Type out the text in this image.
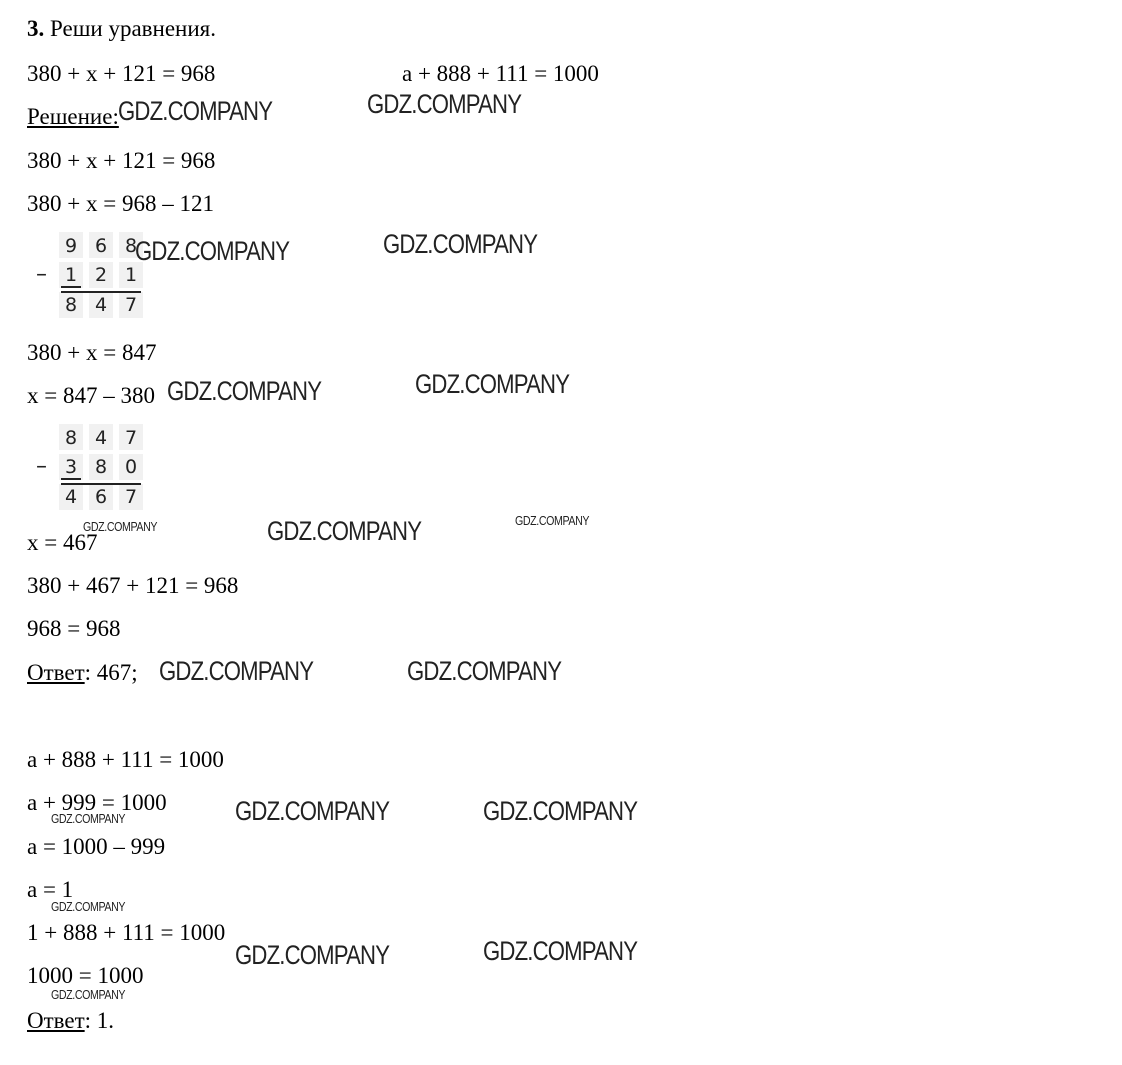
3. Реши уравнения.
380 + x + 121 = 968	a + 888 + 111 = 1000
Решение:
380 + x + 121 = 968
380 + x = 968 – 121
9 6 8
– 1 2 1
8 4 7
380 + x = 847
x = 847 – 380
8 4 7
– 3 8 0
4 6 7
x = 467
380 + 467 + 121 = 968
968 = 968
Ответ: 467;
a + 888 + 111 = 1000
a + 999 = 1000
a = 1000 – 999
a = 1
1 + 888 + 111 = 1000
1000 = 1000
Ответ: 1.
GDZ.COMPANY	GDZ.COMPANY
GDZ.COMPANY	GDZ.COMPANY
GDZ.COMPANY	GDZ.COMPANY
GDZ.COMPANY	GDZ.COMPANY	GDZ.COMPANY
GDZ.COMPANY	GDZ.COMPANY
GDZ.COMPANY	GDZ.COMPANY
GDZ.COMPANY
GDZ.COMPANY
GDZ.COMPANY	GDZ.COMPANY
GDZ.COMPANY
